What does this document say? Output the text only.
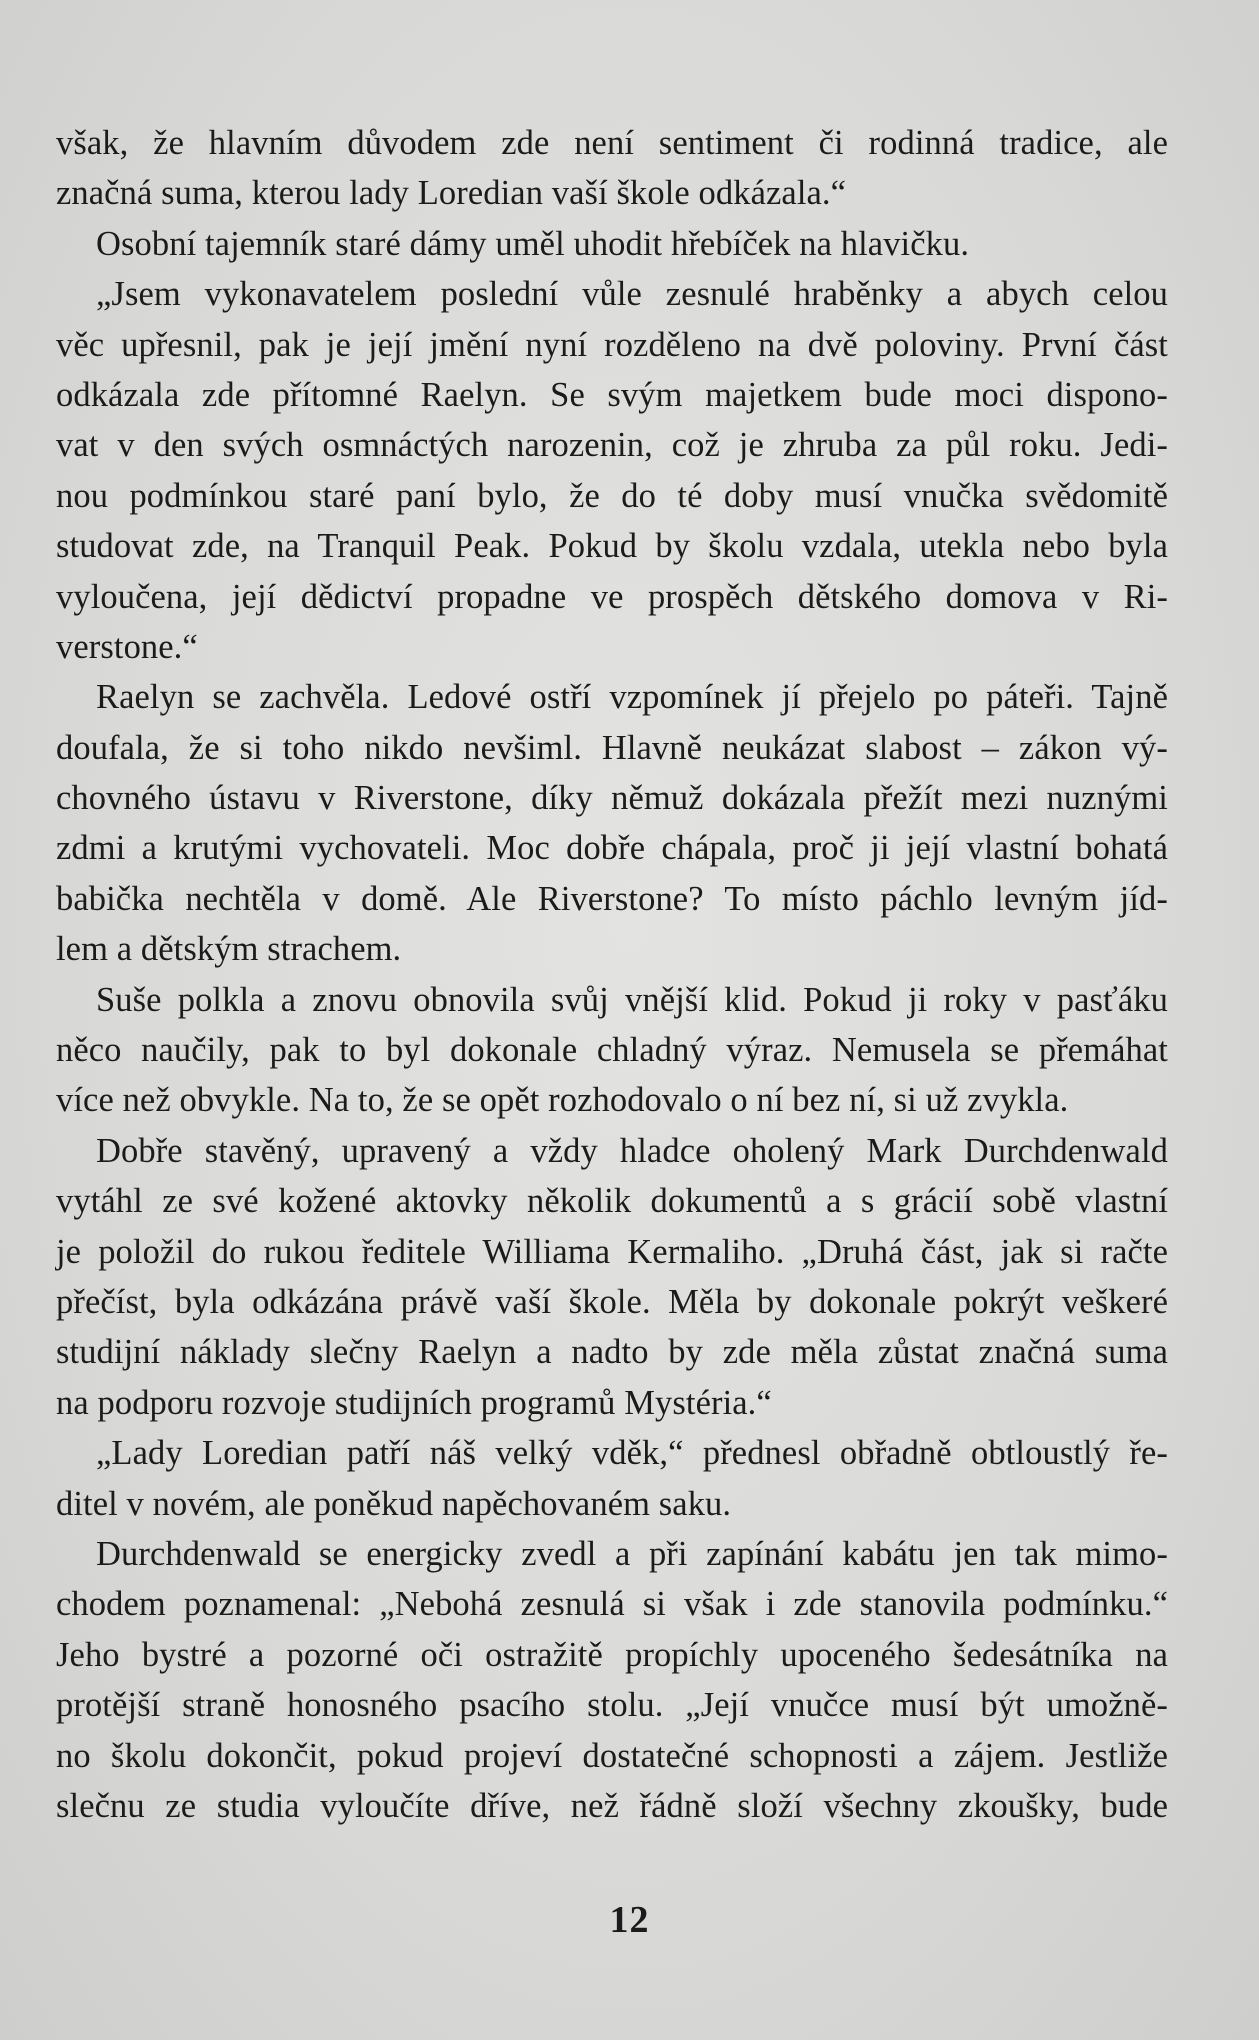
však, že hlavním důvodem zde není sentiment či rodinná tradice, ale
značná suma, kterou lady Loredian vaší škole odkázala.“
Osobní tajemník staré dámy uměl uhodit hřebíček na hlavičku.
„Jsem vykonavatelem poslední vůle zesnulé hraběnky a abych celou
věc upřesnil, pak je její jmění nyní rozděleno na dvě poloviny. První část
odkázala zde přítomné Raelyn. Se svým majetkem bude moci dispono-
vat v den svých osmnáctých narozenin, což je zhruba za půl roku. Jedi-
nou podmínkou staré paní bylo, že do té doby musí vnučka svědomitě
studovat zde, na Tranquil Peak. Pokud by školu vzdala, utekla nebo byla
vyloučena, její dědictví propadne ve prospěch dětského domova v Ri-
verstone.“
Raelyn se zachvěla. Ledové ostří vzpomínek jí přejelo po páteři. Tajně
doufala, že si toho nikdo nevšiml. Hlavně neukázat slabost – zákon vý-
chovného ústavu v Riverstone, díky němuž dokázala přežít mezi nuznými
zdmi a krutými vychovateli. Moc dobře chápala, proč ji její vlastní bohatá
babička nechtěla v domě. Ale Riverstone? To místo páchlo levným jíd-
lem a dětským strachem.
Suše polkla a znovu obnovila svůj vnější klid. Pokud ji roky v pasťáku
něco naučily, pak to byl dokonale chladný výraz. Nemusela se přemáhat
více než obvykle. Na to, že se opět rozhodovalo o ní bez ní, si už zvykla.
Dobře stavěný, upravený a vždy hladce oholený Mark Durchdenwald
vytáhl ze své kožené aktovky několik dokumentů a s grácií sobě vlastní
je položil do rukou ředitele Williama Kermaliho. „Druhá část, jak si račte
přečíst, byla odkázána právě vaší škole. Měla by dokonale pokrýt veškeré
studijní náklady slečny Raelyn a nadto by zde měla zůstat značná suma
na podporu rozvoje studijních programů Mystéria.“
„Lady Loredian patří náš velký vděk,“ přednesl obřadně obtloustlý ře-
ditel v novém, ale poněkud napěchovaném saku.
Durchdenwald se energicky zvedl a při zapínání kabátu jen tak mimo-
chodem poznamenal: „Nebohá zesnulá si však i zde stanovila podmínku.“
Jeho bystré a pozorné oči ostražitě propíchly upoceného šedesátníka na
protější straně honosného psacího stolu. „Její vnučce musí být umožně-
no školu dokončit, pokud projeví dostatečné schopnosti a zájem. Jestliže
slečnu ze studia vyloučíte dříve, než řádně složí všechny zkoušky, bude
12
